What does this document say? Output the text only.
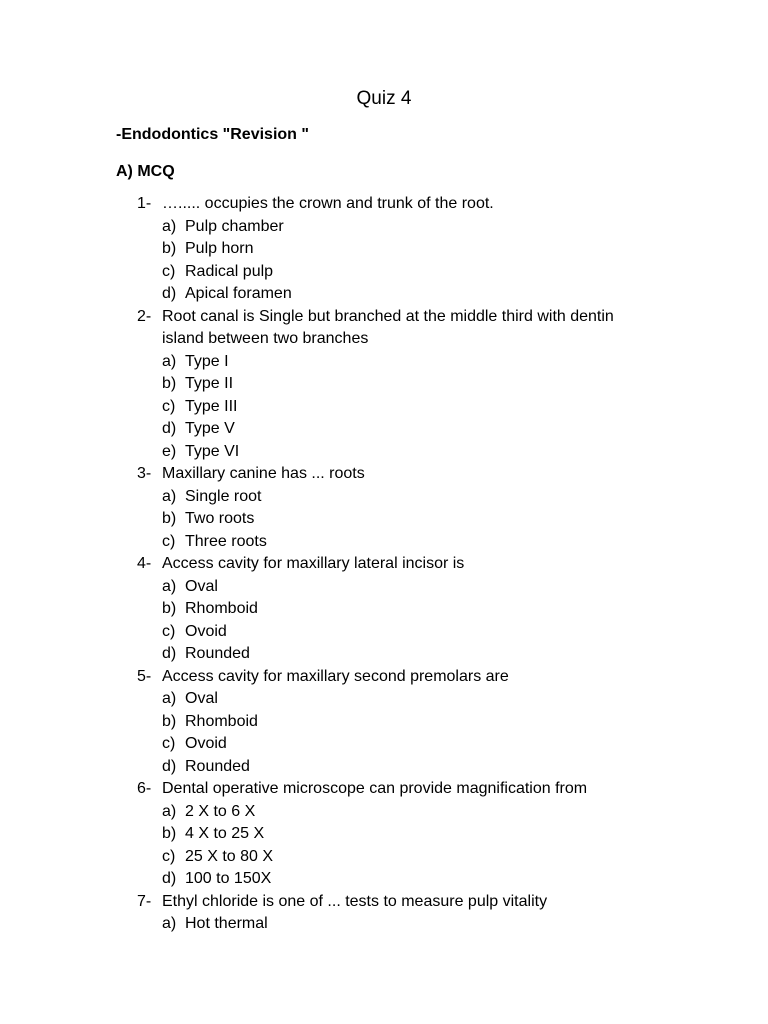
Quiz 4
-Endodontics "Revision "
A) MCQ
1- …..... occupies the crown and trunk of the root.
a) Pulp chamber
b) Pulp horn
c) Radical pulp
d) Apical foramen
2- Root canal is Single but branched at the middle third with dentin island between two branches
a) Type I
b) Type II
c) Type III
d) Type V
e) Type VI
3- Maxillary canine has ... roots
a) Single root
b) Two roots
c) Three roots
4- Access cavity for maxillary lateral incisor is
a) Oval
b) Rhomboid
c) Ovoid
d) Rounded
5- Access cavity for maxillary second premolars are
a) Oval
b) Rhomboid
c) Ovoid
d) Rounded
6- Dental operative microscope can provide magnification from
a) 2 X to 6 X
b) 4 X to 25 X
c) 25 X to 80 X
d) 100 to 150X
7- Ethyl chloride is one of ... tests to measure pulp vitality
a) Hot thermal
